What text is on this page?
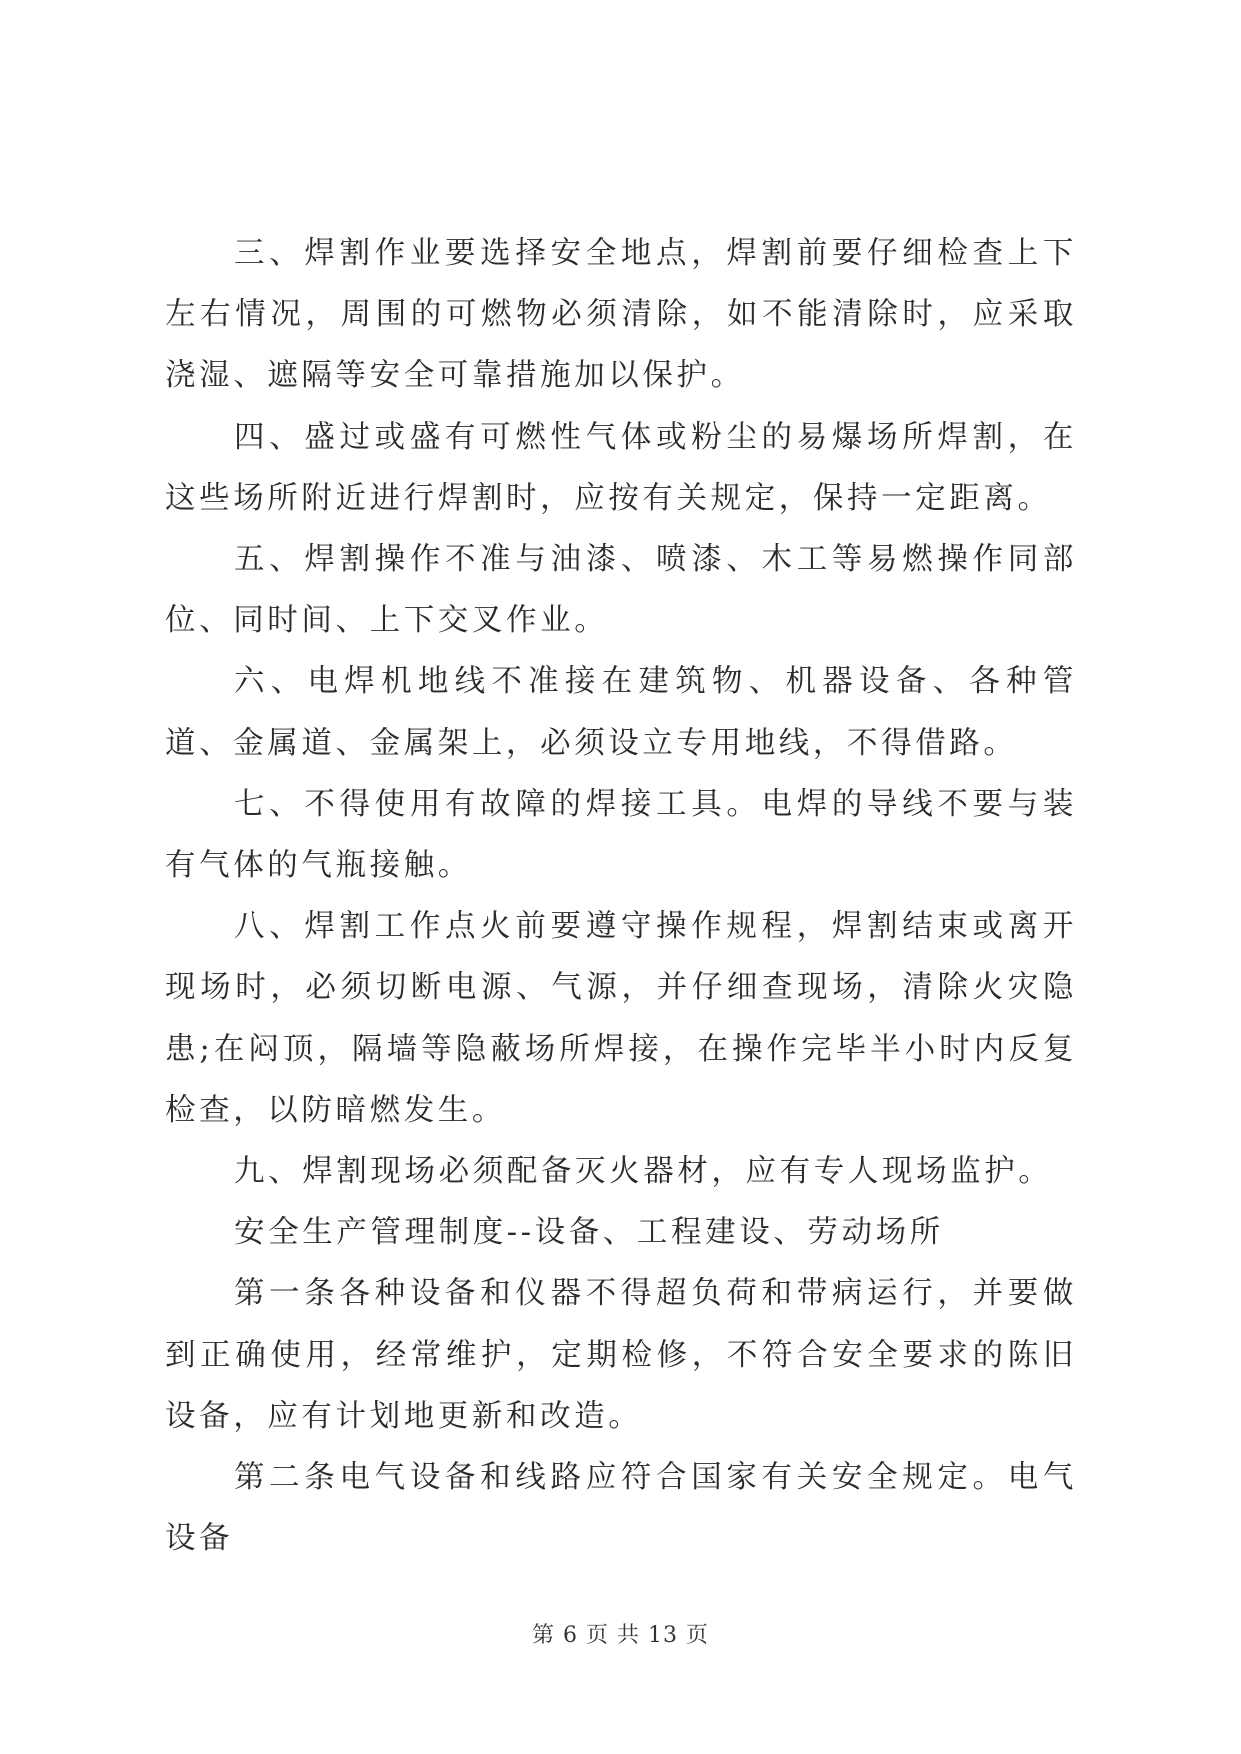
三、焊割作业要选择安全地点，焊割前要仔细检查上下左右情况，周围的可燃物必须清除，如不能清除时，应采取浇湿、遮隔等安全可靠措施加以保护。

四、盛过或盛有可燃性气体或粉尘的易爆场所焊割，在这些场所附近进行焊割时，应按有关规定，保持一定距离。

五、焊割操作不准与油漆、喷漆、木工等易燃操作同部位、同时间、上下交叉作业。

六、电焊机地线不准接在建筑物、机器设备、各种管道、金属道、金属架上，必须设立专用地线，不得借路。

七、不得使用有故障的焊接工具。电焊的导线不要与装有气体的气瓶接触。

八、焊割工作点火前要遵守操作规程，焊割结束或离开现场时，必须切断电源、气源，并仔细查现场，清除火灾隐患;在闷顶，隔墙等隐蔽场所焊接，在操作完毕半小时内反复检查，以防暗燃发生。

九、焊割现场必须配备灭火器材，应有专人现场监护。

安全生产管理制度--设备、工程建设、劳动场所

第一条各种设备和仪器不得超负荷和带病运行，并要做到正确使用，经常维护，定期检修，不符合安全要求的陈旧设备，应有计划地更新和改造。

第二条电气设备和线路应符合国家有关安全规定。电气设备

第 6 页 共 13 页
